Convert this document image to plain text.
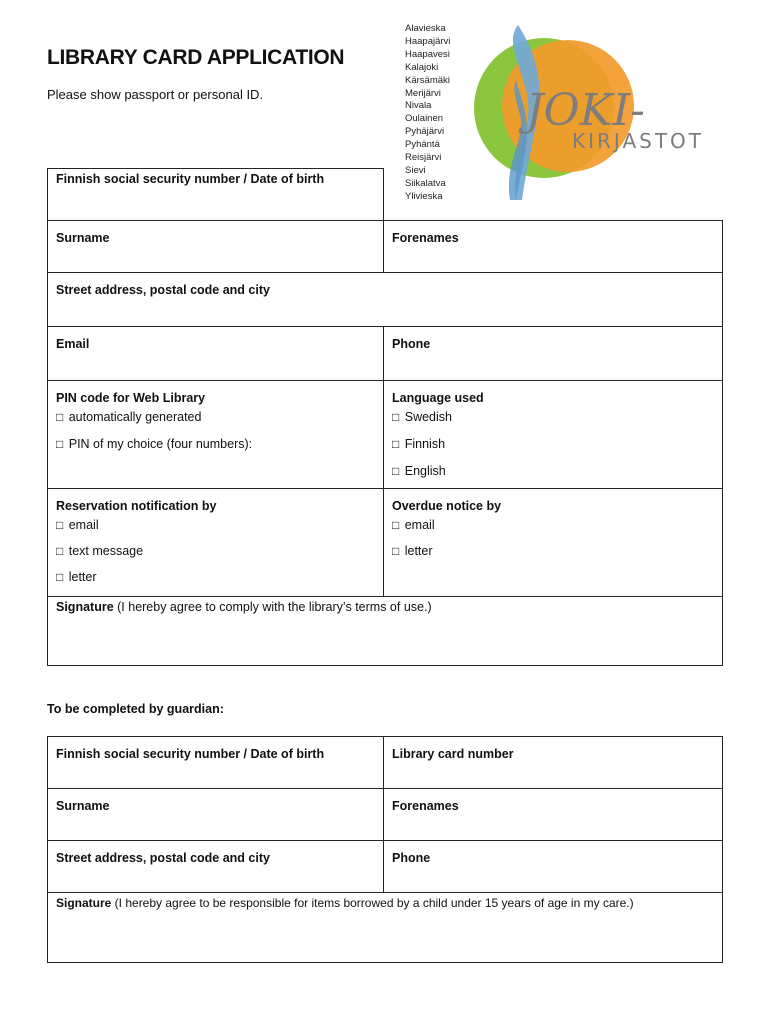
LIBRARY CARD APPLICATION
Please show passport or personal ID.
Alavieska
Haapajärvi
Haapavesi
Kalajoki
Kärsämäki
Merijärvi
Nivala
Oulainen
Pyhäjärvi
Pyhäntä
Reisjärvi
Sievi
Siikalatva
Ylivieska
JOKI-
KIRJASTOT
Finnish social security number / Date of birth
Surname	Forenames
Street address, postal code and city
Email	Phone
PIN code for Web Library
□ automatically generated
□ PIN of my choice (four numbers):
Language used
□ Swedish
□ Finnish
□ English
Reservation notification by
□ email
□ text message
□ letter
Overdue notice by
□ email
□ letter
Signature (I hereby agree to comply with the library’s terms of use.)
To be completed by guardian:
Finnish social security number / Date of birth	Library card number
Surname	Forenames
Street address, postal code and city	Phone
Signature (I hereby agree to be responsible for items borrowed by a child under 15 years of age in my care.)
